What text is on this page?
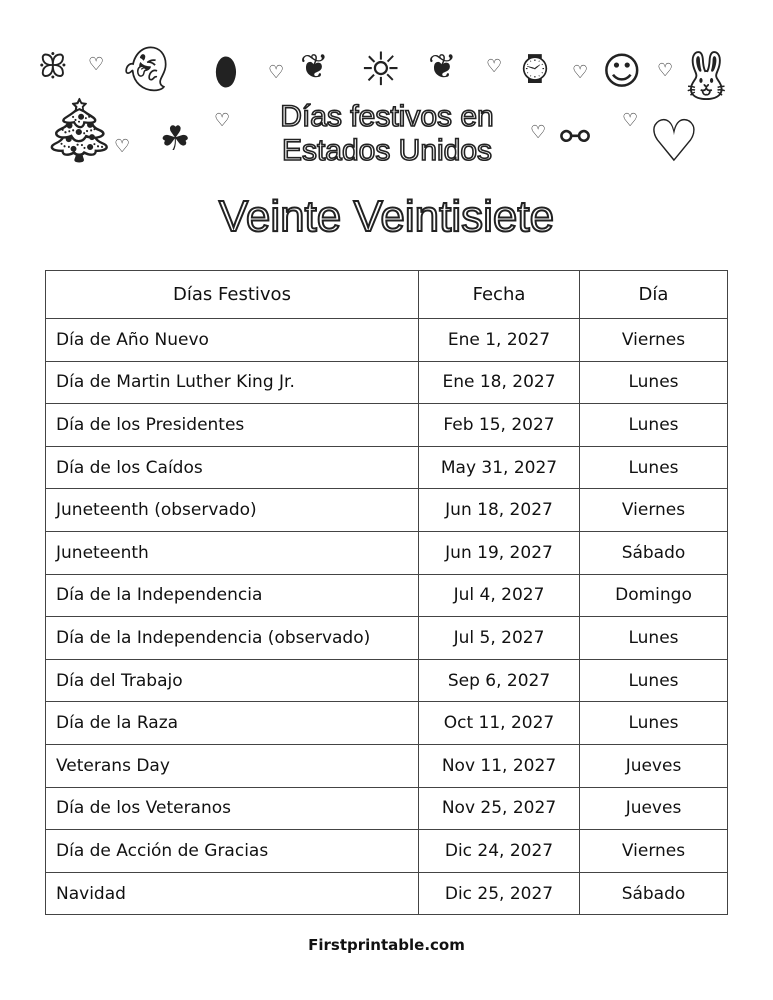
ꕥ ♡ 👻︎ ⬮ ♡ ❦ ☼ ❦ ♡ ⌚︎ ♡ ☺ ♡ 🐰︎
🎄︎
♡ ☘ ♡
♡ ⚯ ♡ ♡
Días festivos en
Estados Unidos
Veinte Veintisiete
Días Festivos	Fecha	Día
Día de Año Nuevo	Ene 1, 2027	Viernes
Día de Martin Luther King Jr.	Ene 18, 2027	Lunes
Día de los Presidentes	Feb 15, 2027	Lunes
Día de los Caídos	May 31, 2027	Lunes
Juneteenth (observado)	Jun 18, 2027	Viernes
Juneteenth	Jun 19, 2027	Sábado
Día de la Independencia	Jul 4, 2027	Domingo
Día de la Independencia (observado)	Jul 5, 2027	Lunes
Día del Trabajo	Sep 6, 2027	Lunes
Día de la Raza	Oct 11, 2027	Lunes
Veterans Day	Nov 11, 2027	Jueves
Día de los Veteranos	Nov 25, 2027	Jueves
Día de Acción de Gracias	Dic 24, 2027	Viernes
Navidad	Dic 25, 2027	Sábado
Firstprintable.com
